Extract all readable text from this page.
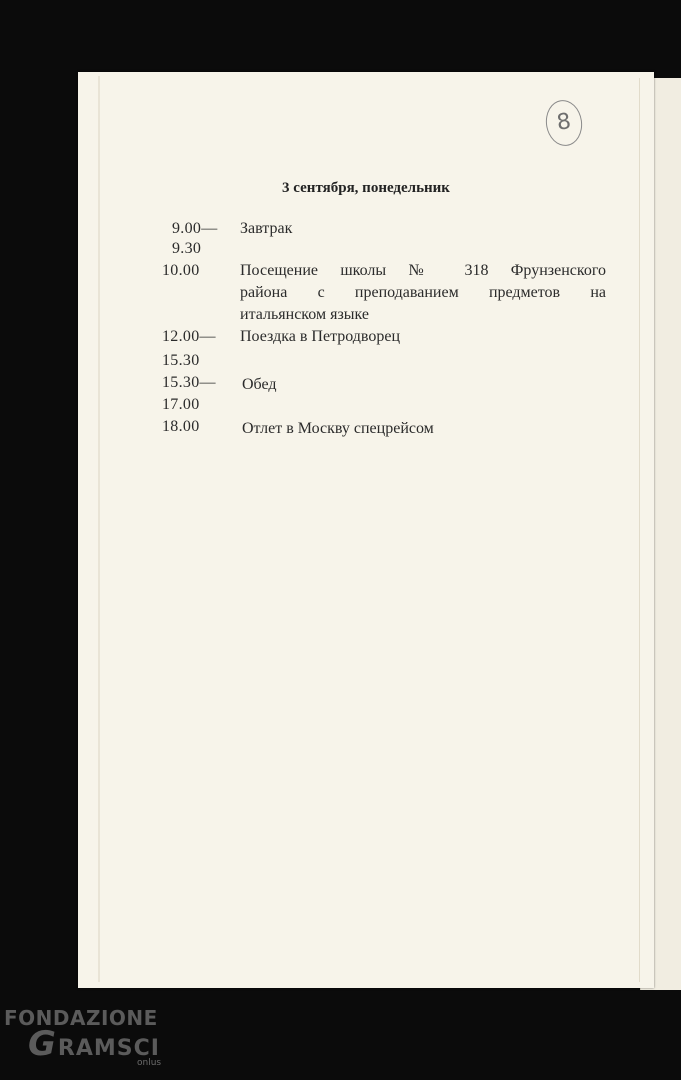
8
3 сентября, понедельник
9.00—
9.30
Завтрак
10.00	Посещение школы № 318 Фрунзенского
района с преподаванием предметов на
итальянском языке
12.00—
15.30
Поездка в Петродворец
15.30—
17.00
Обед
18.00	Отлет в Москву спецрейсом
FONDAZIONE
GRAMSCI
onlus
